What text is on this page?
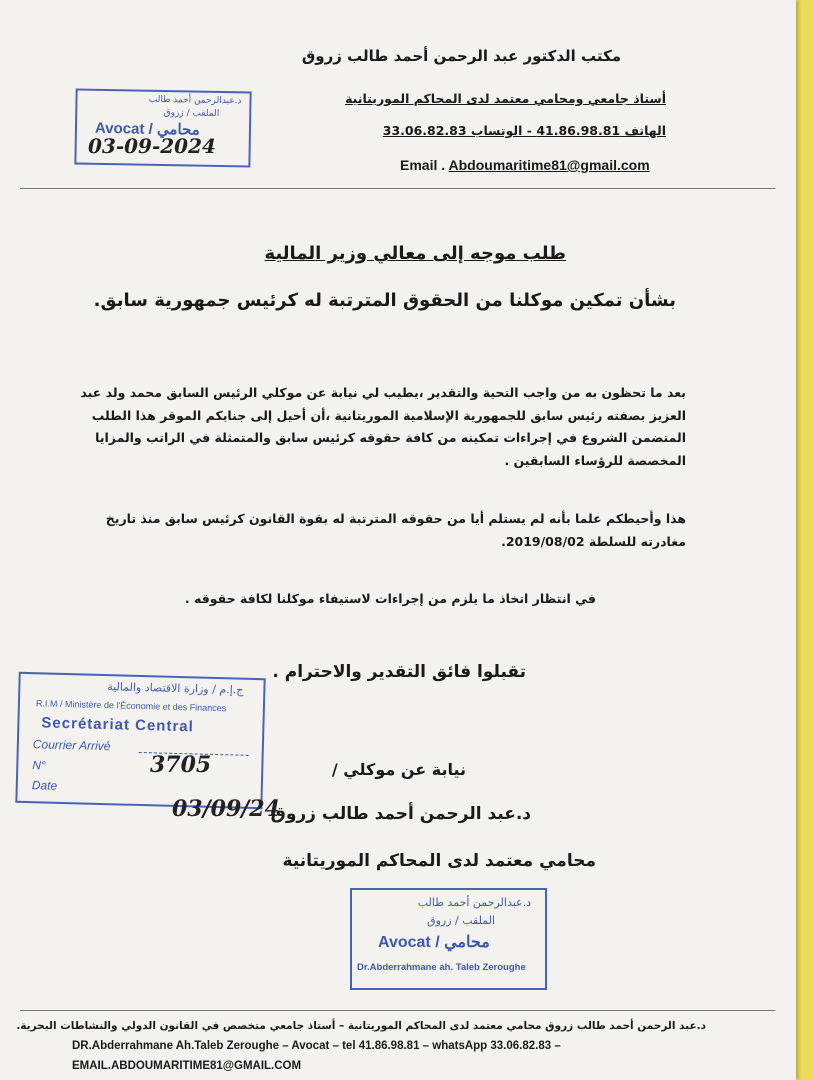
مكتب الدكتور عبد الرحمن أحمد طالب زروق
أستاذ جامعي ومحامي معتمد لدى المحاكم الموريتانية
الهاتف 41.86.98.81 - الوتساب 33.06.82.83
Email . Abdoumaritime81@gmail.com
د.عبدالرحمن أحمد طالب
الملقب / زروق
Avocat / محامي
03-09-2024
طلب موجه إلى معالي وزير المالية
بشأن تمكين موكلنا من الحقوق المترتبة له كرئيس جمهورية سابق.
بعد ما تحظون به من واجب التحية والتقدير ،يطيب لي نيابة عن موكلي الرئيس السابق محمد ولد عبد العزيز بصفته رئيس سابق للجمهورية الإسلامية الموريتانية ،أن أحيل إلى جنابكم الموقر هذا الطلب المتضمن الشروع في إجراءات تمكينه من كافة حقوقه كرئيس سابق والمتمثلة في الراتب والمزايا المخصصة للرؤساء السابقين .
هذا وأحيطكم علما بأنه لم يستلم أيا من حقوقه المترتبة له بقوة القانون كرئيس سابق منذ تاريخ مغادرته للسلطة 2019/08/02.
في انتظار اتخاذ ما يلزم من إجراءات لاستيفاء موكلنا لكافة حقوقه .
تقبلوا فائق التقدير والاحترام .
ج.إ.م / وزارة الاقتصاد والمالية
R.I.M / Ministère de l'Économie et des Finances
Secrétariat Central
Courrier Arrivé
N°
Date
3705
03/09/24
نيابة عن موكلي /
د.عبد الرحمن أحمد طالب زروق
محامي معتمد لدى المحاكم الموريتانية
د.عبدالرحمن أحمد طالب
الملقب / زروق
Avocat / محامي
Dr.Abderrahmane ah. Taleb Zeroughe
د.عبد الرحمن أحمد طالب زروق محامي معتمد لدى المحاكم الموريتانية – أستاذ جامعي متخصص في القانون الدولي والنشاطات البحرية.
DR.Abderrahmane Ah.Taleb Zeroughe – Avocat – tel 41.86.98.81 – whatsApp 33.06.82.83 –
EMAIL.ABDOUMARITIME81@GMAIL.COM
